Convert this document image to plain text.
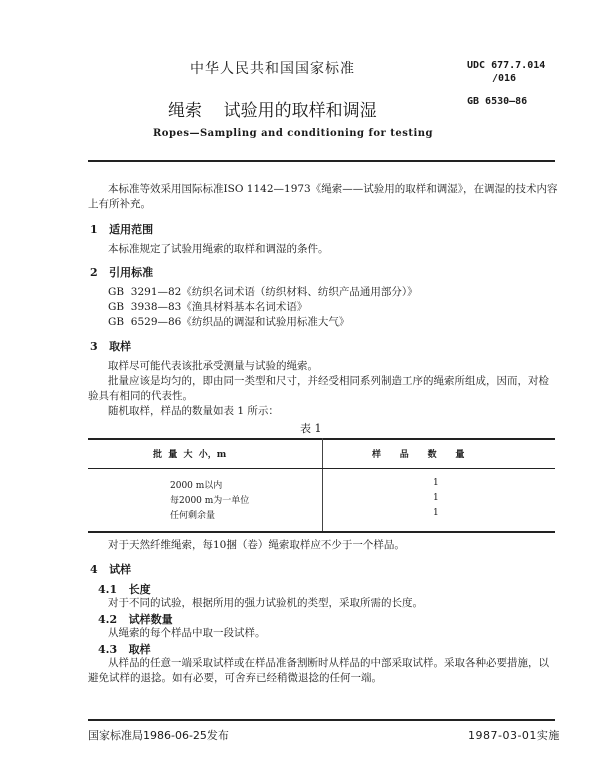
中华人民共和国国家标准	UDC 677.7.014
/016
GB 6530—86
绳索    试验用的取样和调湿
Ropes—Sampling and conditioning for testing
本标准等效采用国际标准ISO 1142—1973《绳索——试验用的取样和调湿》，在调湿的技术内容
上有所补充。
1   适用范围
本标准规定了试验用绳索的取样和调湿的条件。
2   引用标准
GB  3291—82《纺织名词术语（纺织材料、纺织产品通用部分）》
GB  3938—83《渔具材料基本名词术语》
GB  6529—86《纺织品的调湿和试验用标准大气》
3   取样
取样尽可能代表该批承受测量与试验的绳索。
批量应该是均匀的，即由同一类型和尺寸，并经受相同系列制造工序的绳索所组成，因而，对检
验具有相同的代表性。
随机取样，样品的数量如表 1 所示：
表 1
批  量  大  小，m	样      品      数      量
2000 m以内	1
每2000 m为一单位	1
任何剩余量	1
对于天然纤维绳索，每10捆（卷）绳索取样应不少于一个样品。
4   试样
4.1   长度
对于不同的试验，根据所用的强力试验机的类型，采取所需的长度。
4.2   试样数量
从绳索的每个样品中取一段试样。
4.3   取样
从样品的任意一端采取试样或在样品准备割断时从样品的中部采取试样。采取各种必要措施，以
避免试样的退捻。如有必要，可舍弃已经稍微退捻的任何一端。
国家标准局1986-06-25发布	1987-03-01实施
